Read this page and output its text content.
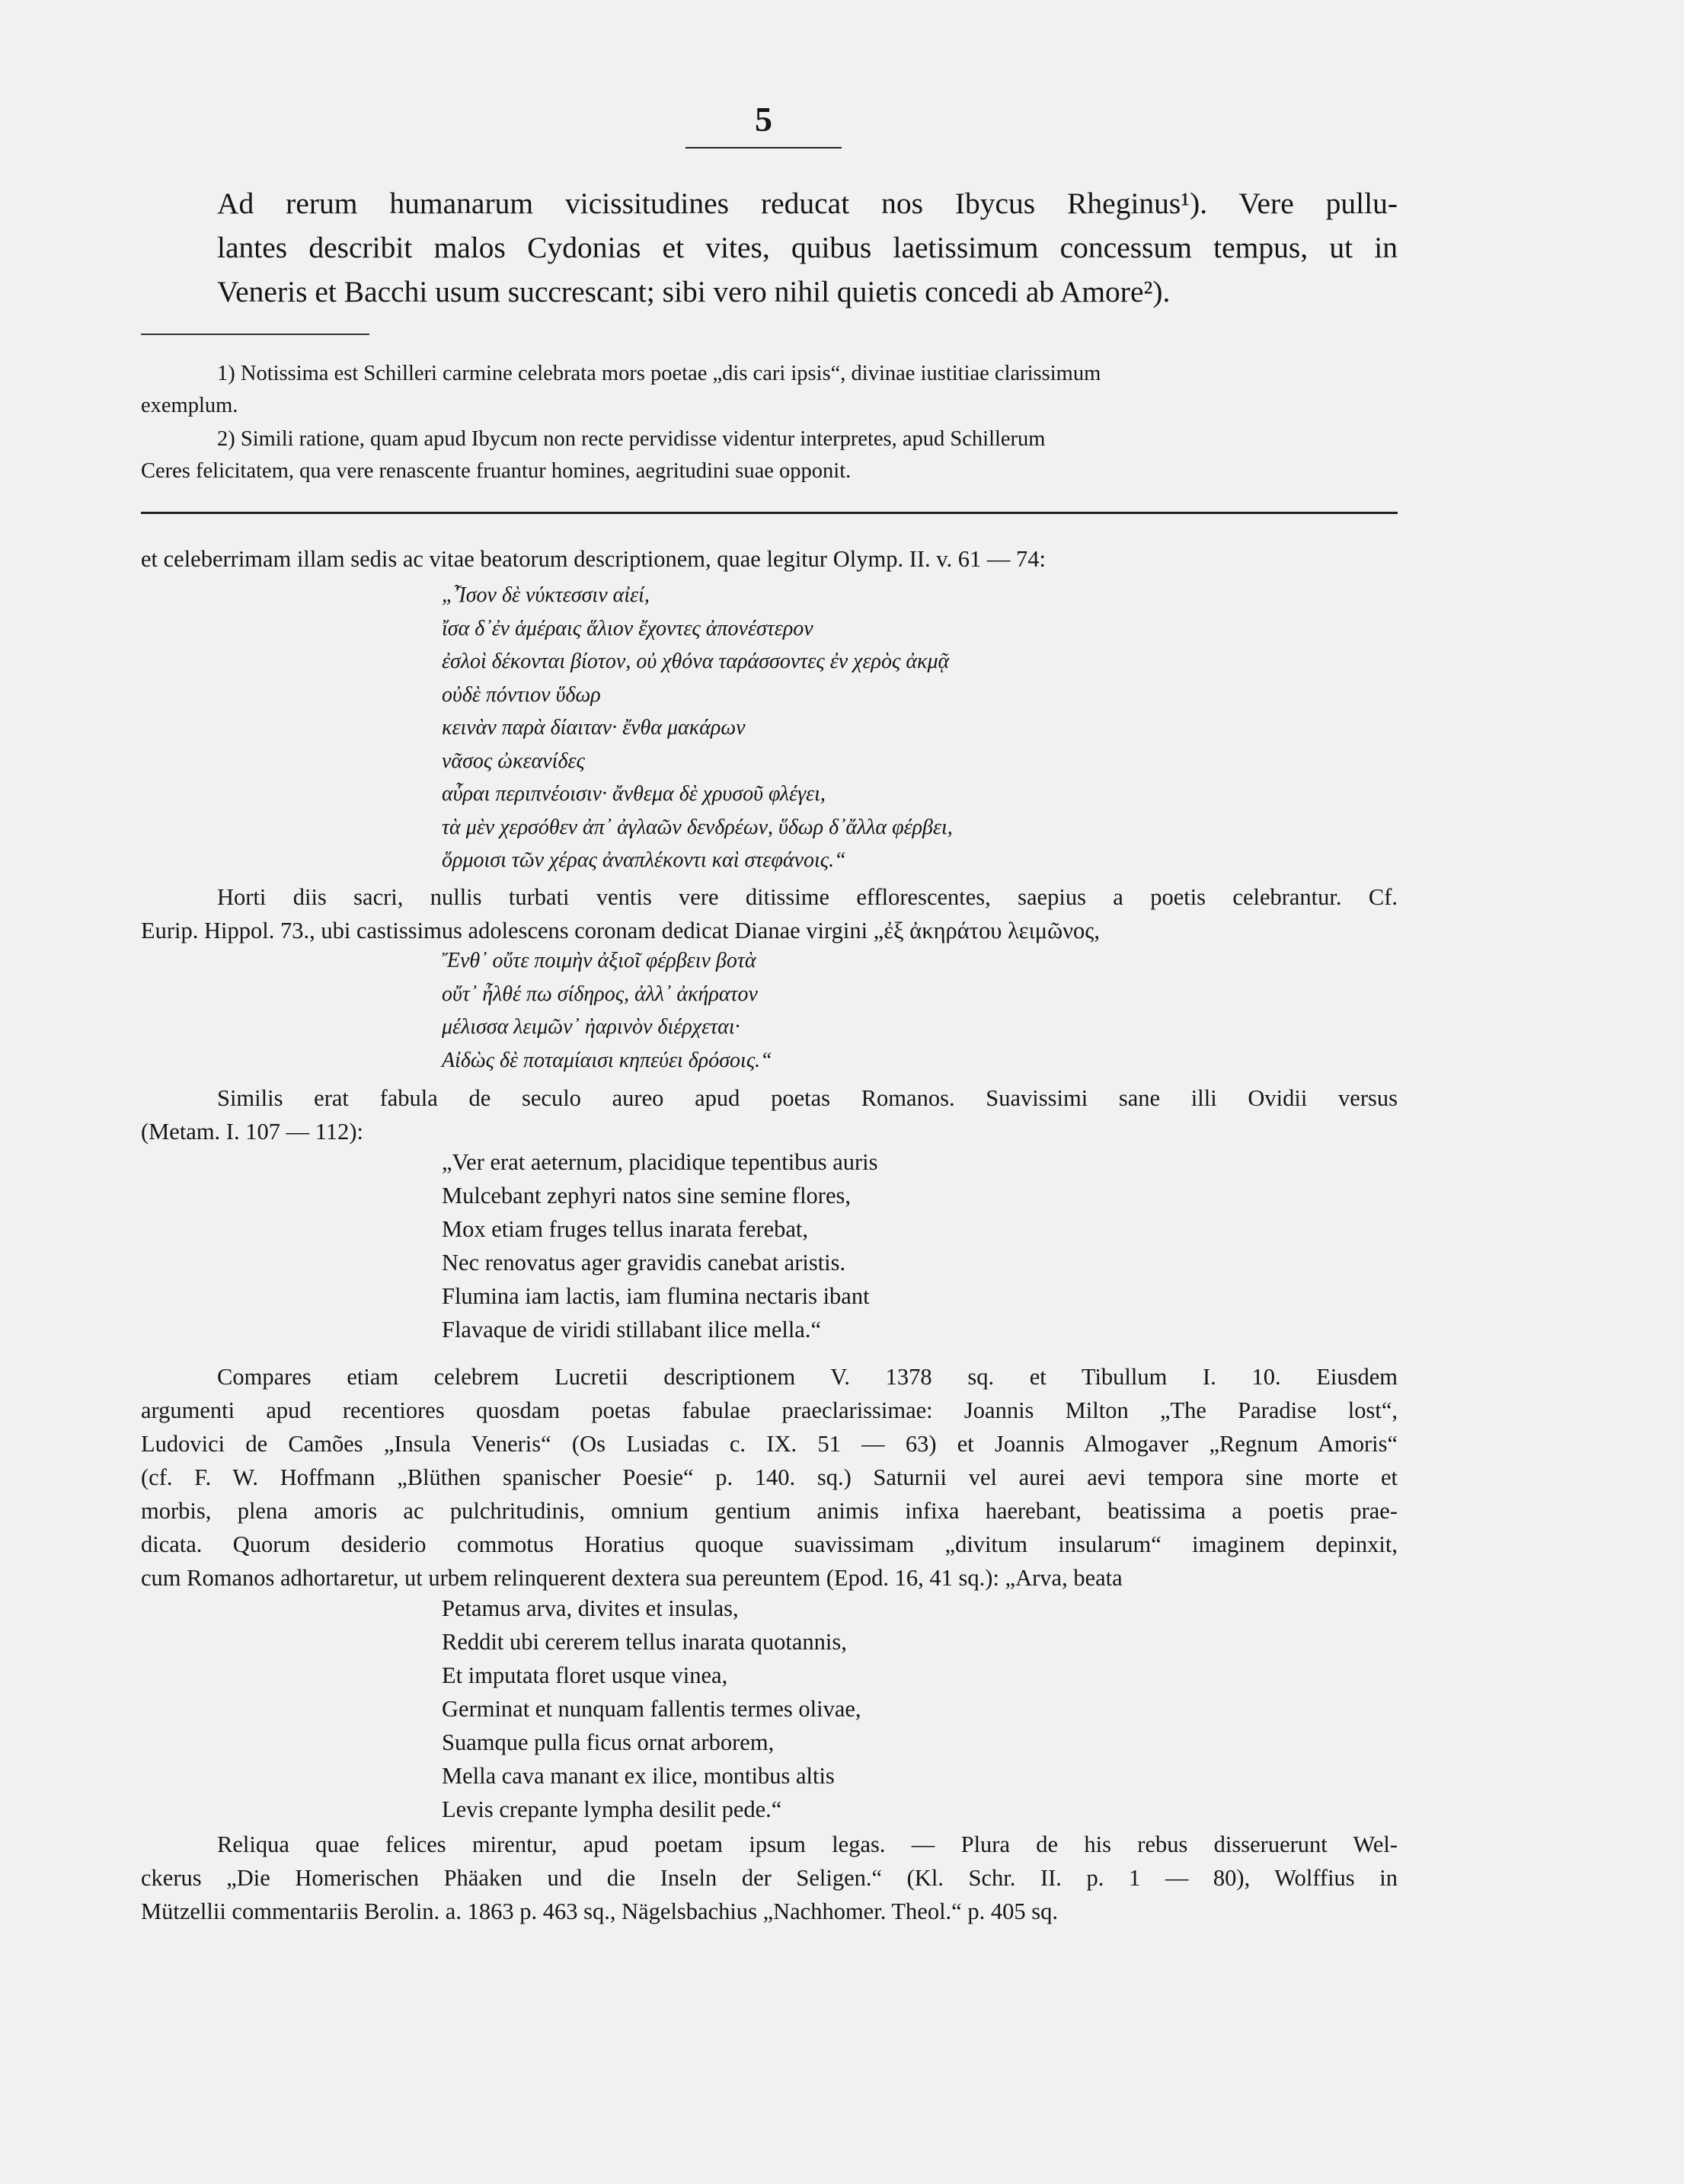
5
Ad rerum humanarum vicissitudines reducat nos Ibycus Rheginus¹). Vere pullu-
lantes describit malos Cydonias et vites, quibus laetissimum concessum tempus, ut in
Veneris et Bacchi usum succrescant; sibi vero nihil quietis concedi ab Amore²).
1) Notissima est Schilleri carmine celebrata mors poetae „dis cari ipsis“, divinae iustitiae clarissimum
exemplum.
2) Simili ratione, quam apud Ibycum non recte pervidisse videntur interpretes, apud Schillerum
Ceres felicitatem, qua vere renascente fruantur homines, aegritudini suae opponit.
et celeberrimam illam sedis ac vitae beatorum descriptionem, quae legitur Olymp. II. v. 61 — 74:
„Ἶσον δὲ νύκτεσσιν αἰεί,
ἴσα δ᾽ἐν ἁμέραις ἅλιον ἔχοντες ἀπονέστερον
ἐσλοὶ δέκονται βίοτον, οὐ χθόνα ταράσσοντες ἐν χερὸς ἀκμᾷ
οὐδὲ πόντιον ὕδωρ
κεινὰν παρὰ δίαιταν· ἔνθα μακάρων
νᾶσος ὠκεανίδες
αὖραι περιπνέοισιν· ἄνθεμα δὲ χρυσοῦ φλέγει,
τὰ μὲν χερσόθεν ἀπ᾽ ἀγλαῶν δενδρέων, ὕδωρ δ᾽ἄλλα φέρβει,
ὅρμοισι τῶν χέρας ἀναπλέκοντι καὶ στεφάνοις.“
Horti diis sacri, nullis turbati ventis vere ditissime efflorescentes, saepius a poetis celebrantur. Cf.
Eurip. Hippol. 73., ubi castissimus adolescens coronam dedicat Dianae virgini „ἐξ ἀκηράτου λειμῶνος,
Ἔνθ᾽ οὔτε ποιμὴν ἀξιοῖ φέρβειν βοτὰ
οὔτ᾽ ἦλθέ πω σίδηρος, ἀλλ᾽ ἀκήρατον
μέλισσα λειμῶν᾽ ἠαρινὸν διέρχεται·
Αἰδὼς δὲ ποταμίαισι κηπεύει δρόσοις.“
Similis erat fabula de seculo aureo apud poetas Romanos. Suavissimi sane illi Ovidii versus
(Metam. I. 107 — 112):
„Ver erat aeternum, placidique tepentibus auris
Mulcebant zephyri natos sine semine flores,
Mox etiam fruges tellus inarata ferebat,
Nec renovatus ager gravidis canebat aristis.
Flumina iam lactis, iam flumina nectaris ibant
Flavaque de viridi stillabant ilice mella.“
Compares etiam celebrem Lucretii descriptionem V. 1378 sq. et Tibullum I. 10. Eiusdem
argumenti apud recentiores quosdam poetas fabulae praeclarissimae: Joannis Milton „The Paradise lost“,
Ludovici de Camões „Insula Veneris“ (Os Lusiadas c. IX. 51 — 63) et Joannis Almogaver „Regnum Amoris“
(cf. F. W. Hoffmann „Blüthen spanischer Poesie“ p. 140. sq.) Saturnii vel aurei aevi tempora sine morte et
morbis, plena amoris ac pulchritudinis, omnium gentium animis infixa haerebant, beatissima a poetis prae-
dicata. Quorum desiderio commotus Horatius quoque suavissimam „divitum insularum“ imaginem depinxit,
cum Romanos adhortaretur, ut urbem relinquerent dextera sua pereuntem (Epod. 16, 41 sq.): „Arva, beata
Petamus arva, divites et insulas,
Reddit ubi cererem tellus inarata quotannis,
Et imputata floret usque vinea,
Germinat et nunquam fallentis termes olivae,
Suamque pulla ficus ornat arborem,
Mella cava manant ex ilice, montibus altis
Levis crepante lympha desilit pede.“
Reliqua quae felices mirentur, apud poetam ipsum legas. — Plura de his rebus disseruerunt Wel-
ckerus „Die Homerischen Phäaken und die Inseln der Seligen.“ (Kl. Schr. II. p. 1 — 80), Wolffius in
Mützellii commentariis Berolin. a. 1863 p. 463 sq., Nägelsbachius „Nachhomer. Theol.“ p. 405 sq.
